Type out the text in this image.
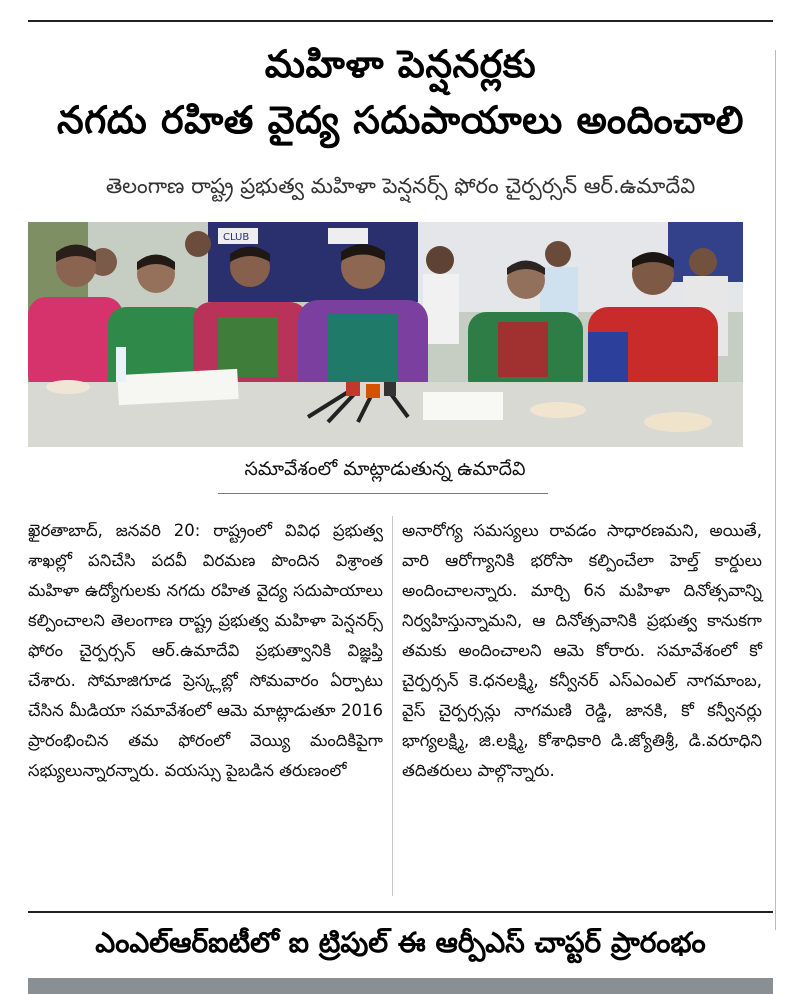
మహిళా పెన్షనర్లకు
నగదు రహిత వైద్య సదుపాయాలు అందించాలి
తెలంగాణ రాష్ట్ర ప్రభుత్వ మహిళా పెన్షనర్స్ ఫోరం చైర్పర్సన్ ఆర్.ఉమాదేవి
CLUB
సమావేశంలో మాట్లాడుతున్న ఉమాదేవి
ఖైరతాబాద్, జనవరి 20: రాష్ట్రంలో వివిధ ప్రభుత్వ శాఖల్లో పనిచేసి పదవీ విరమణ పొందిన విశ్రాంత మహిళా ఉద్యోగులకు నగదు రహిత వైద్య సదుపాయాలు కల్పించాలని తెలంగాణ రాష్ట్ర ప్రభుత్వ మహిళా పెన్షనర్స్ ఫోరం చైర్పర్సన్ ఆర్.ఉమాదేవి ప్రభుత్వానికి విజ్ఞప్తి చేశారు. సోమాజిగూడ ప్రెస్క్లబ్లో సోమవారం ఏర్పాటు చేసిన మీడియా సమావేశంలో ఆమె మాట్లాడుతూ 2016 ప్రారంభించిన తమ ఫోరంలో వెయ్యి మందికిపైగా సభ్యులున్నారన్నారు. వయస్సు పైబడిన తరుణంలో
అనారోగ్య సమస్యలు రావడం సాధారణమని, అయితే, వారి ఆరోగ్యానికి భరోసా కల్పించేలా హెల్త్ కార్డులు అందించాలన్నారు. మార్చి 6న మహిళా దినోత్సవాన్ని నిర్వహిస్తున్నామని, ఆ దినోత్సవానికి ప్రభుత్వ కానుకగా తమకు అందించాలని ఆమె కోరారు. సమావేశంలో కో చైర్పర్సన్ కె.ధనలక్ష్మి, కన్వీనర్ ఎస్ఎంఎల్ నాగమాంబ, వైస్ చైర్పర్సన్లు నాగమణి రెడ్డి, జానకి, కో కన్వీనర్లు భాగ్యలక్ష్మి, జి.లక్ష్మి, కోశాధికారి డి.జ్యోతిశ్రీ, డి.వరూధిని తదితరులు పాల్గొన్నారు.
ఎంఎల్ఆర్ఐటీలో ఐ ట్రిపుల్ ఈ ఆర్పీఎస్ చాప్టర్ ప్రారంభం
